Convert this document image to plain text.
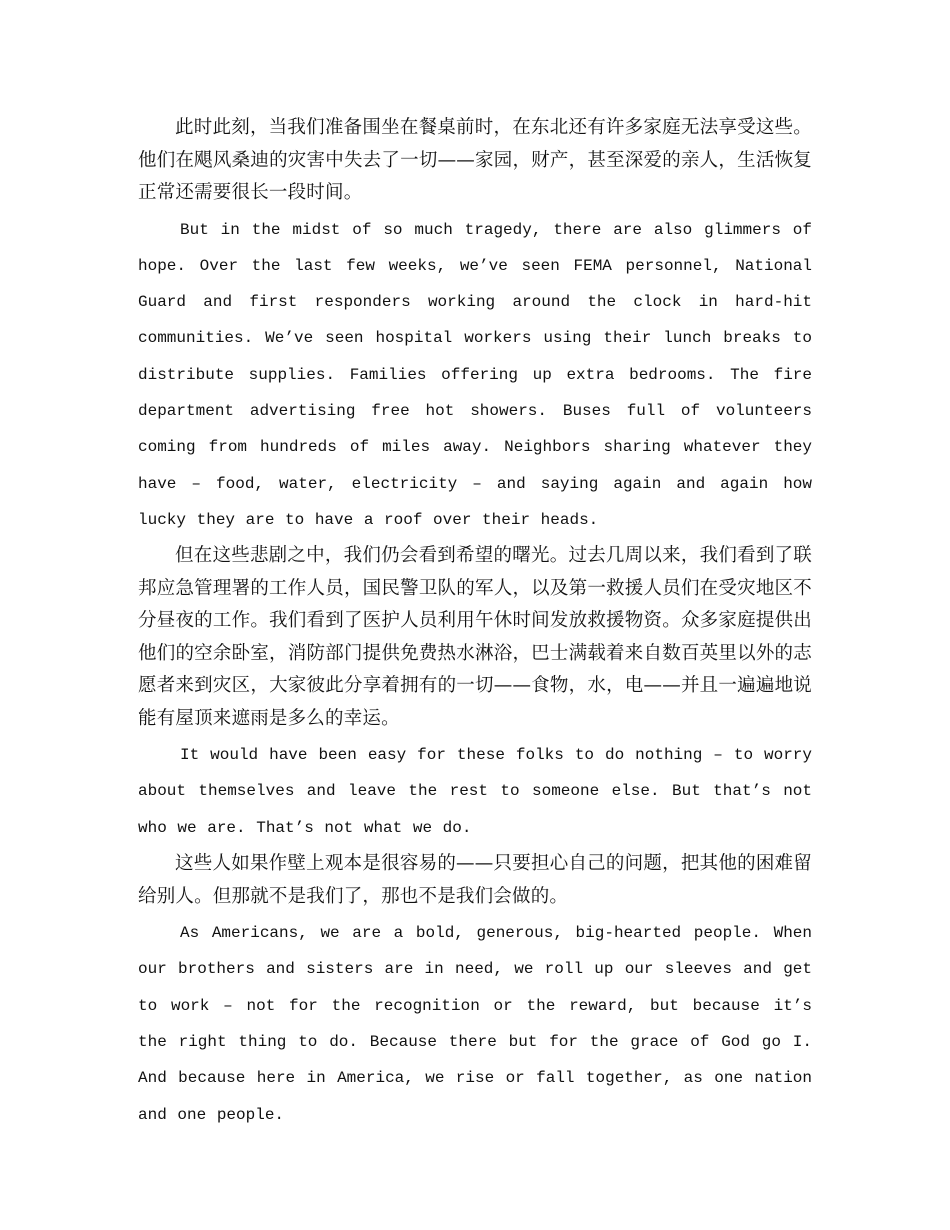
此时此刻，当我们准备围坐在餐桌前时，在东北还有许多家庭无法享受这些。他们在飓风桑迪的灾害中失去了一切——家园，财产，甚至深爱的亲人，生活恢复正常还需要很长一段时间。

But in the midst of so much tragedy, there are also glimmers of hope. Over the last few weeks, we’ve seen FEMA personnel, National Guard and first responders working around the clock in hard-hit communities. We’ve seen hospital workers using their lunch breaks to distribute supplies. Families offering up extra bedrooms. The fire department advertising free hot showers. Buses full of volunteers coming from hundreds of miles away. Neighbors sharing whatever they have – food, water, electricity – and saying again and again how lucky they are to have a roof over their heads.

但在这些悲剧之中，我们仍会看到希望的曙光。过去几周以来，我们看到了联邦应急管理署的工作人员，国民警卫队的军人，以及第一救援人员们在受灾地区不分昼夜的工作。我们看到了医护人员利用午休时间发放救援物资。众多家庭提供出他们的空余卧室，消防部门提供免费热水淋浴，巴士满载着来自数百英里以外的志愿者来到灾区，大家彼此分享着拥有的一切——食物，水，电——并且一遍遍地说能有屋顶来遮雨是多么的幸运。

It would have been easy for these folks to do nothing – to worry about themselves and leave the rest to someone else. But that’s not who we are. That’s not what we do.

这些人如果作壁上观本是很容易的——只要担心自己的问题，把其他的困难留给别人。但那就不是我们了，那也不是我们会做的。

As Americans, we are a bold, generous, big-hearted people. When our brothers and sisters are in need, we roll up our sleeves and get to work – not for the recognition or the reward, but because it’s the right thing to do. Because there but for the grace of God go I. And because here in America, we rise or fall together, as one nation and one people.
